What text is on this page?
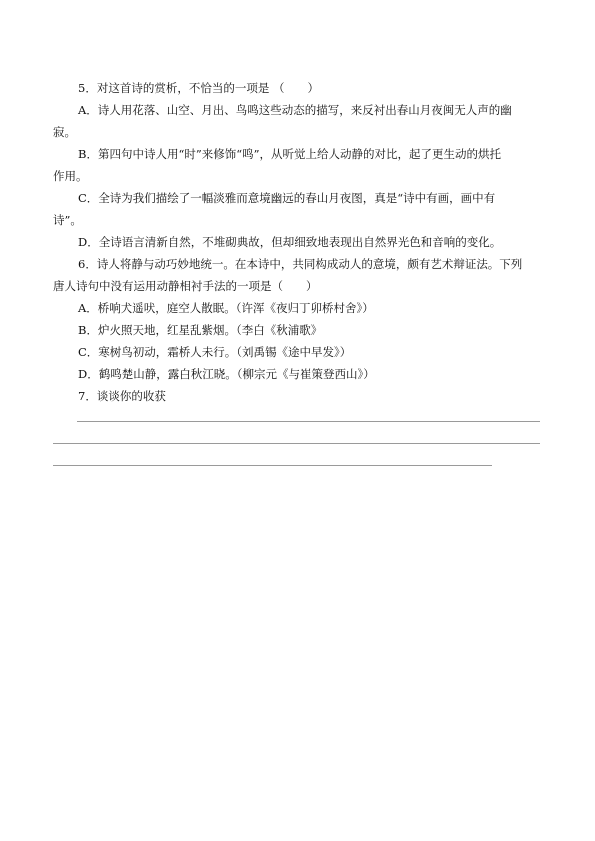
5．对这首诗的赏析，不恰当的一项是 （　　）
A．诗人用花落、山空、月出、鸟鸣这些动态的描写，来反衬出春山月夜闽无人声的幽
寂。
B．第四句中诗人用“时”来修饰“鸣”，从听觉上给人动静的对比，起了更生动的烘托
作用。
C．全诗为我们描绘了一幅淡雅而意境幽远的春山月夜图，真是“诗中有画，画中有
诗”。
D．全诗语言清新自然，不堆砌典故，但却细致地表现出自然界光色和音响的变化。
6．诗人将静与动巧妙地统一。在本诗中，共同构成动人的意境，颇有艺术辩证法。下列
唐人诗句中没有运用动静相衬手法的一项是（　　）
A．桥响犬遥吠，庭空人散眠。（许浑《夜归丁卯桥村舍》）
B．炉火照天地，红星乱紫烟。（李白《秋浦歌》
C．寒树鸟初动，霜桥人未行。（刘禹锡《途中早发》）
D．鹤鸣楚山静，露白秋江晓。（柳宗元《与崔策登西山》）
7．谈谈你的收获
